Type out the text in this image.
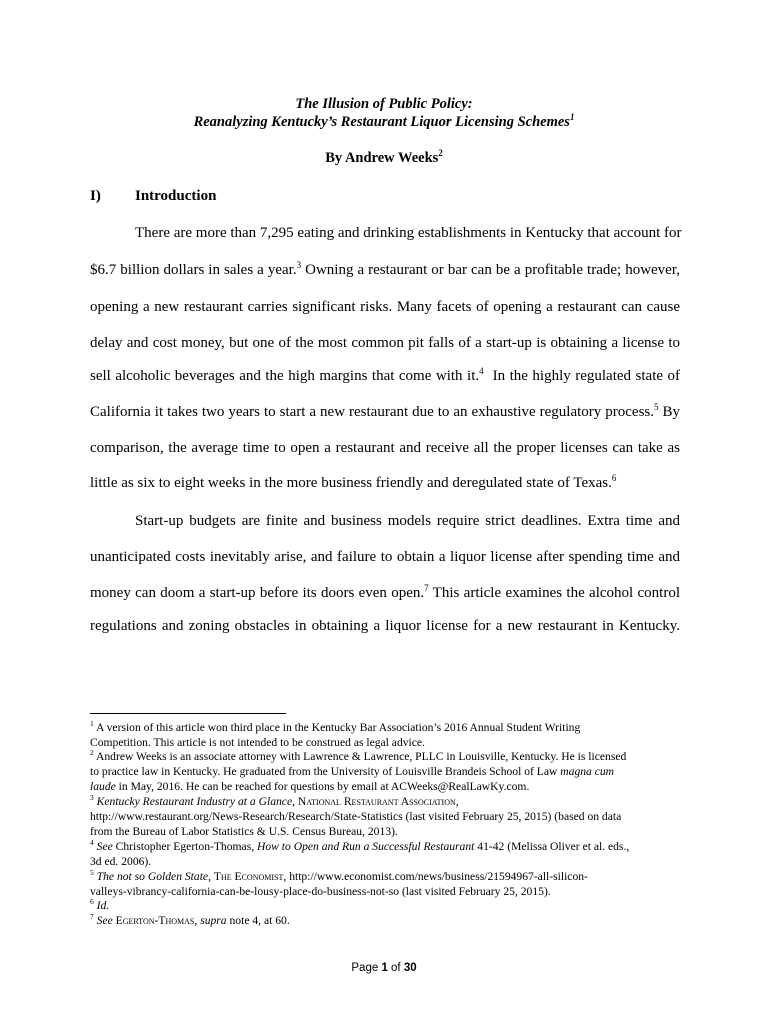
The Illusion of Public Policy:
Reanalyzing Kentucky’s Restaurant Liquor Licensing Schemes$^1$
By Andrew Weeks$^2$
I) Introduction
There are more than 7,295 eating and drinking establishments in Kentucky that account for
$6.7 billion dollars in sales a year.$^3$ Owning a restaurant or bar can be a profitable trade; however,
opening a new restaurant carries significant risks. Many facets of opening a restaurant can cause
delay and cost money, but one of the most common pit falls of a start-up is obtaining a license to
sell alcoholic beverages and the high margins that come with it.$^4$  In the highly regulated state of
California it takes two years to start a new restaurant due to an exhaustive regulatory process.$^5$ By
comparison, the average time to open a restaurant and receive all the proper licenses can take as
little as six to eight weeks in the more business friendly and deregulated state of Texas.$^6$
Start-up budgets are finite and business models require strict deadlines. Extra time and
unanticipated costs inevitably arise, and failure to obtain a liquor license after spending time and
money can doom a start-up before its doors even open.$^7$ This article examines the alcohol control
regulations and zoning obstacles in obtaining a liquor license for a new restaurant in Kentucky.
$^1$ A version of this article won third place in the Kentucky Bar Association’s 2016 Annual Student Writing
Competition. This article is not intended to be construed as legal advice.
$^2$ Andrew Weeks is an associate attorney with Lawrence & Lawrence, PLLC in Louisville, Kentucky. He is licensed
to practice law in Kentucky. He graduated from the University of Louisville Brandeis School of Law magna cum
laude in May, 2016. He can be reached for questions by email at ACWeeks@RealLawKy.com.
$^3$ Kentucky Restaurant Industry at a Glance, National Restaurant Association,
http://www.restaurant.org/News-Research/Research/State-Statistics (last visited February 25, 2015) (based on data
from the Bureau of Labor Statistics & U.S. Census Bureau, 2013).
$^4$ See Christopher Egerton-Thomas, How to Open and Run a Successful Restaurant 41-42 (Melissa Oliver et al. eds.,
3d ed. 2006).
$^5$ The not so Golden State, The Economist, http://www.economist.com/news/business/21594967-all-silicon-
valleys-vibrancy-california-can-be-lousy-place-do-business-not-so (last visited February 25, 2015).
$^6$ Id.
$^7$ See Egerton-Thomas, supra note 4, at 60.
Page 1 of 30
